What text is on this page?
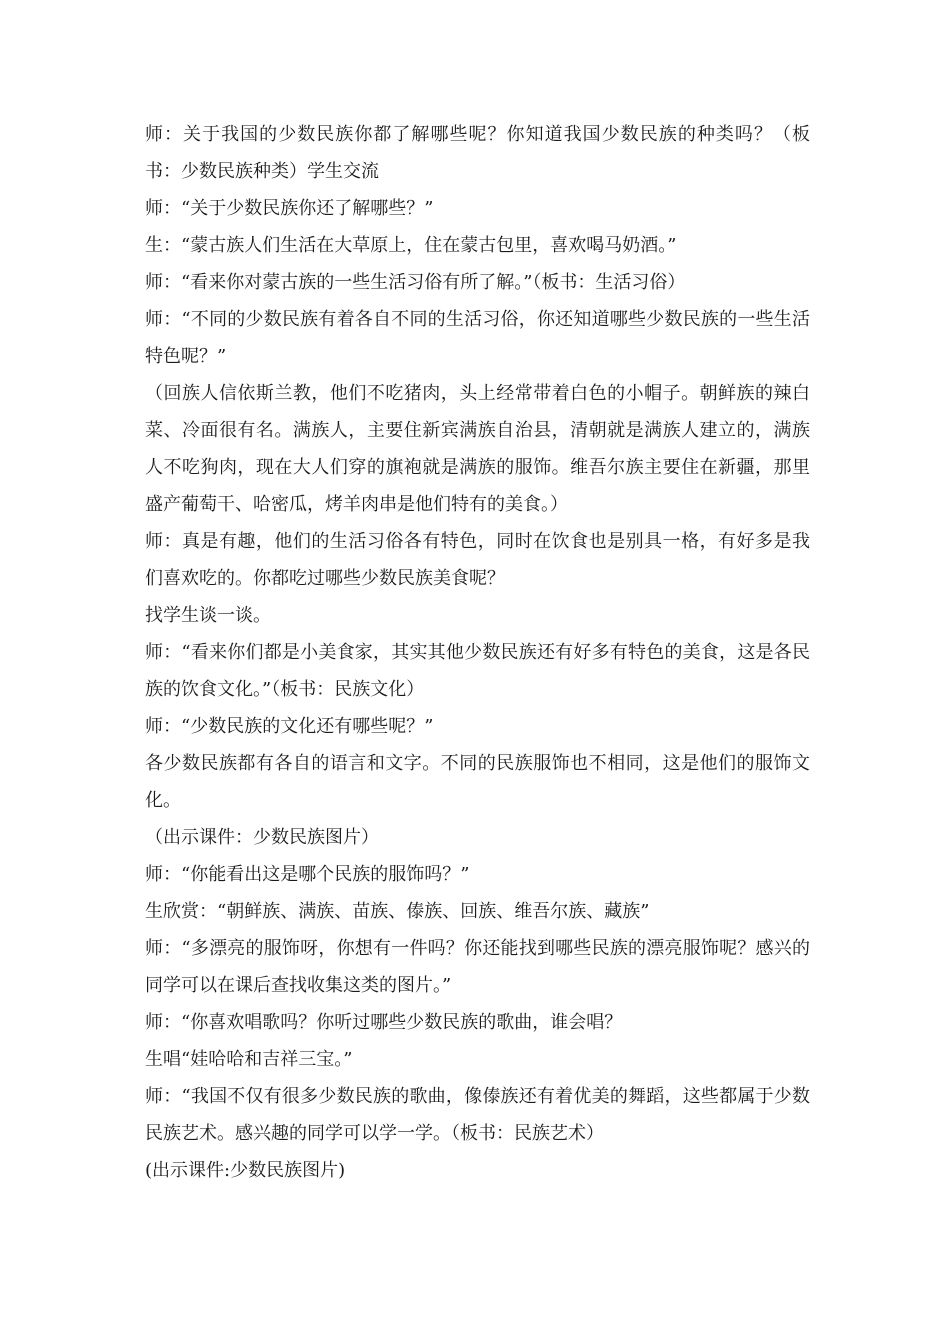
师：关于我国的少数民族你都了解哪些呢？你知道我国少数民族的种类吗？（板书：少数民族种类）学生交流

师：“关于少数民族你还了解哪些？”

生：“蒙古族人们生活在大草原上，住在蒙古包里，喜欢喝马奶酒。”

师：“看来你对蒙古族的一些生活习俗有所了解。”（板书：生活习俗）

师：“不同的少数民族有着各自不同的生活习俗，你还知道哪些少数民族的一些生活特色呢？”

（回族人信依斯兰教，他们不吃猪肉，头上经常带着白色的小帽子。朝鲜族的辣白菜、冷面很有名。满族人，主要住新宾满族自治县，清朝就是满族人建立的，满族人不吃狗肉，现在大人们穿的旗袍就是满族的服饰。维吾尔族主要住在新疆，那里盛产葡萄干、哈密瓜，烤羊肉串是他们特有的美食。）

师：真是有趣，他们的生活习俗各有特色，同时在饮食也是别具一格，有好多是我们喜欢吃的。你都吃过哪些少数民族美食呢？

找学生谈一谈。

师：“看来你们都是小美食家，其实其他少数民族还有好多有特色的美食，这是各民族的饮食文化。”（板书：民族文化）

师：“少数民族的文化还有哪些呢？”

各少数民族都有各自的语言和文字。不同的民族服饰也不相同，这是他们的服饰文化。

（出示课件：少数民族图片）

师：“你能看出这是哪个民族的服饰吗？”

生欣赏：“朝鲜族、满族、苗族、傣族、回族、维吾尔族、藏族”

师：“多漂亮的服饰呀，你想有一件吗？你还能找到哪些民族的漂亮服饰呢？感兴的同学可以在课后查找收集这类的图片。”

师：“你喜欢唱歌吗？你听过哪些少数民族的歌曲，谁会唱？

生唱“娃哈哈和吉祥三宝。”

师：“我国不仅有很多少数民族的歌曲，像傣族还有着优美的舞蹈，这些都属于少数民族艺术。感兴趣的同学可以学一学。（板书：民族艺术）

(出示课件:少数民族图片)
